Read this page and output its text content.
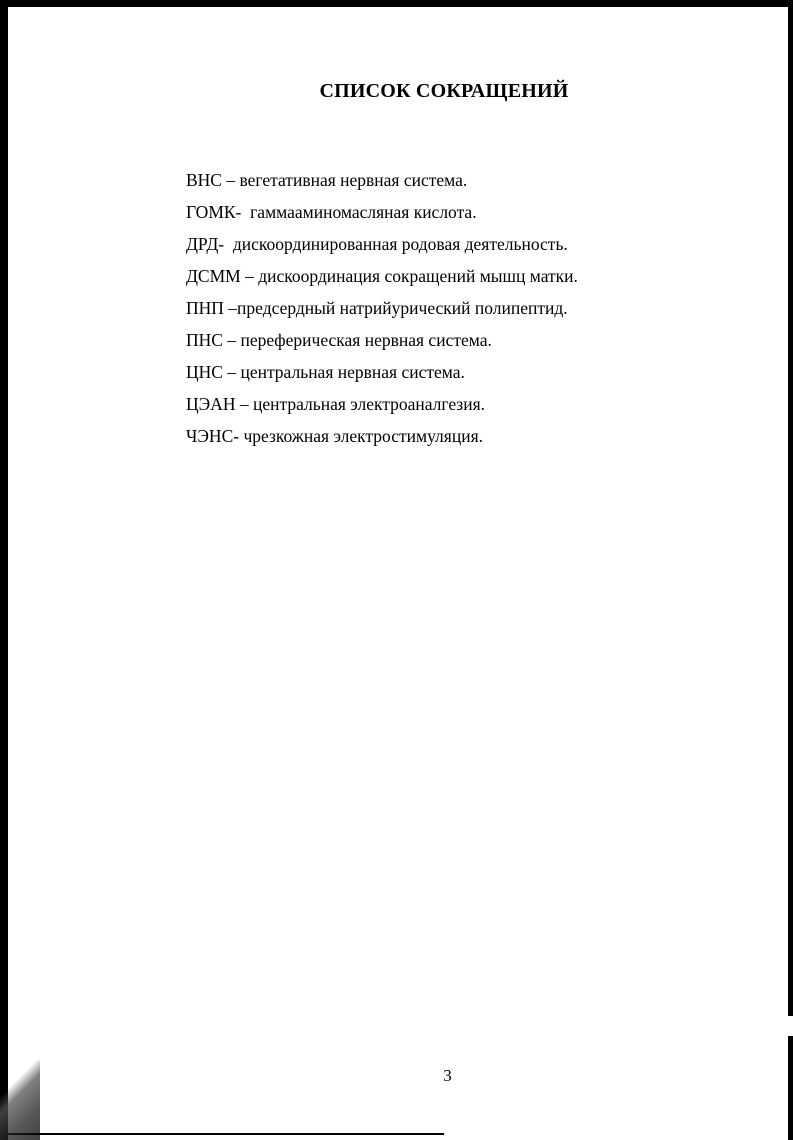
СПИСОК СОКРАЩЕНИЙ
ВНС – вегетативная нервная система.
ГОМК-  гаммааминомасляная кислота.
ДРД-  дискоординированная родовая деятельность.
ДСММ – дискоординация сокращений мышц матки.
ПНП –предсердный натрийурический полипептид.
ПНС – переферическая нервная система.
ЦНС – центральная нервная система.
ЦЭАН – центральная электроаналгезия.
ЧЭНС- чрезкожная электростимуляция.
3
